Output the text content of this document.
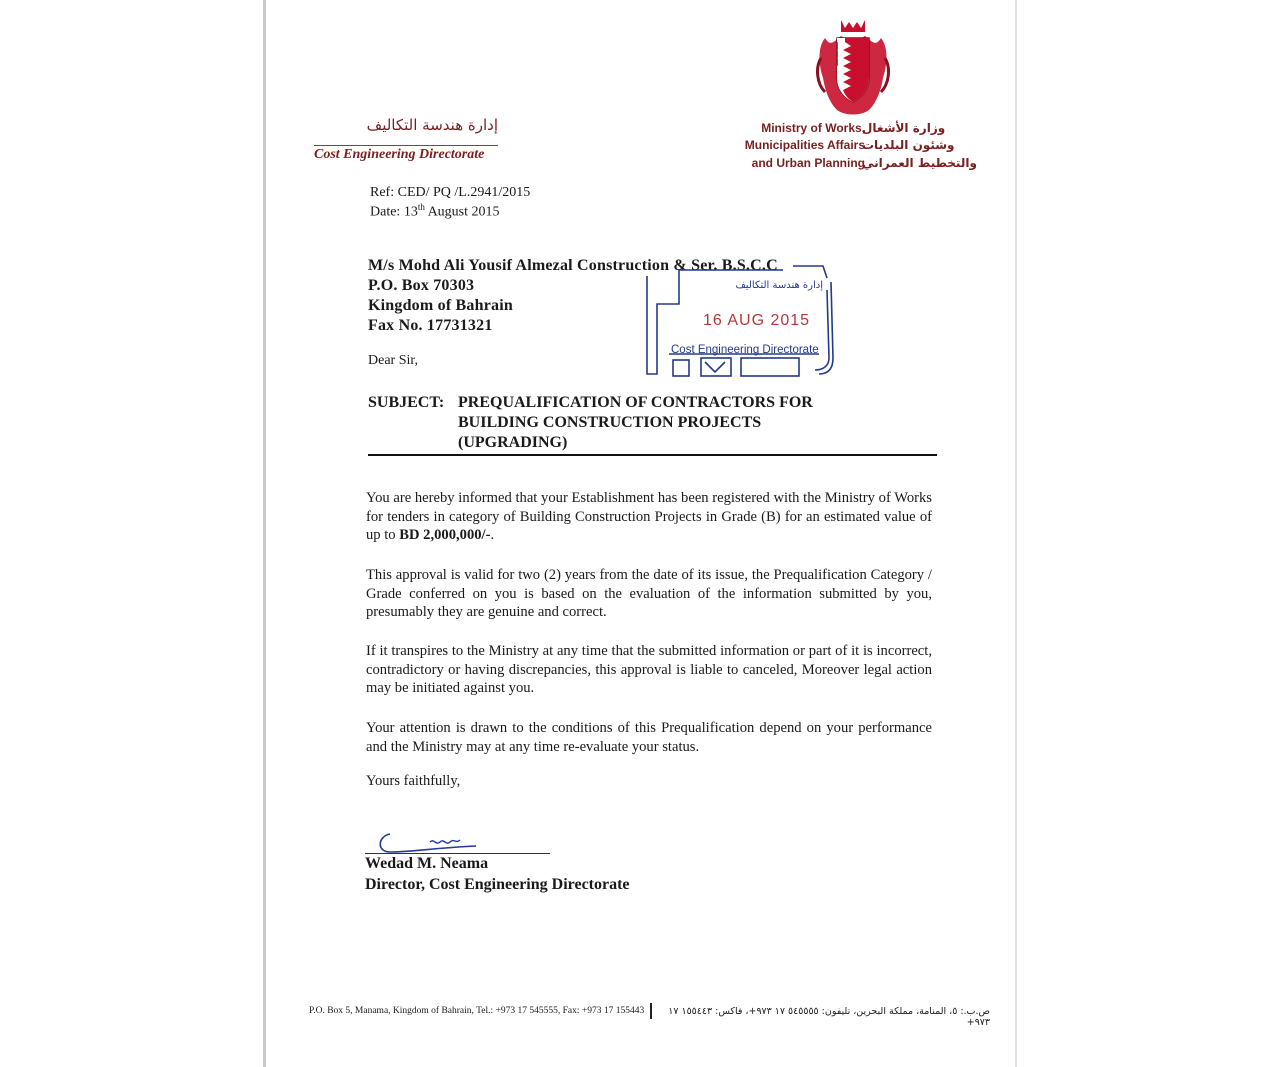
إدارة هندسة التكاليف
Cost Engineering Directorate
Ministry of Works,
Municipalities Affairs
and Urban Planning
وزارة الأشغال
وشئون البلديات
والتخطيط العمراني
Ref: CED/ PQ /L.2941/2015
Date: 13th August 2015
M/s Mohd Ali Yousif Almezal Construction & Ser. B.S.C.C
P.O. Box 70303
Kingdom of Bahrain
Fax No. 17731321
إدارة هندسة التكاليف
16 AUG 2015
Cost Engineering Directorate
Dear Sir,
SUBJECT: PREQUALIFICATION OF CONTRACTORS FOR
BUILDING CONSTRUCTION PROJECTS
(UPGRADING)
You are hereby informed that your Establishment has been registered with the Ministry of Works for tenders in category of Building Construction Projects in Grade (B) for an estimated value of up to BD 2,000,000/-.
This approval is valid for two (2) years from the date of its issue, the Prequalification Category / Grade conferred on you is based on the evaluation of the information submitted by you, presumably they are genuine and correct.
If it transpires to the Ministry at any time that the submitted information or part of it is incorrect, contradictory or having discrepancies, this approval is liable to canceled, Moreover legal action may be initiated against you.
Your attention is drawn to the conditions of this Prequalification depend on your performance and the Ministry may at any time re-evaluate your status.
Yours faithfully,
Wedad M. Neama
Director, Cost Engineering Directorate
P.O. Box 5, Manama, Kingdom of Bahrain, Tel.: +973 17 545555, Fax: +973 17 155443	ص.ب.: ٥، المنامة، مملكة البحرين، تليفون: ٥٤٥٥٥٥ ١٧ ٩٧٣+، فاكس: ١٥٥٤٤٣ ١٧ ٩٧٣+
